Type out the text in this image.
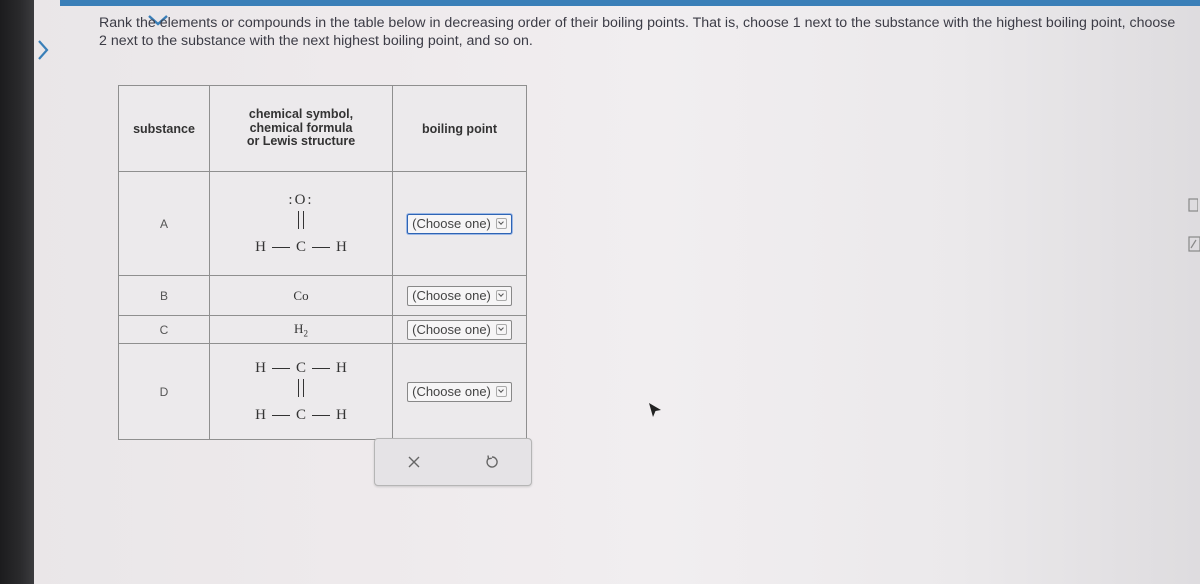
Rank the elements or compounds in the table below in decreasing order of their boiling points. That is, choose 1 next to the substance with the highest boiling point, choose 2 next to the substance with the next highest boiling point, and so on.
substance	chemical symbol,
chemical formula
or Lewis structure	boiling point
A	:O:
H C H	(Choose one)

B	Co	(Choose one)

C	$H_2$	(Choose one)

D	H C H
H C H	(Choose one)
